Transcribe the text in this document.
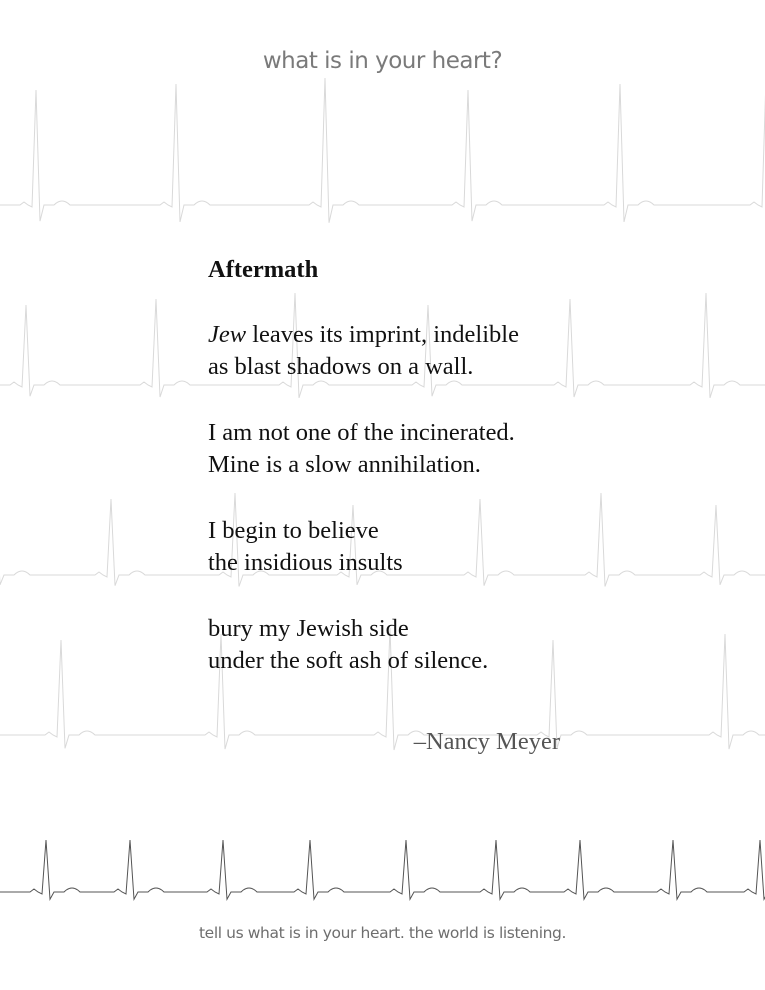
what is in your heart?
Aftermath
Jew leaves its imprint, indelible
as blast shadows on a wall.
I am not one of the incinerated.
Mine is a slow annihilation.
I begin to believe
the insidious insults
bury my Jewish side
under the soft ash of silence.
–Nancy Meyer
tell us what is in your heart. the world is listening.
